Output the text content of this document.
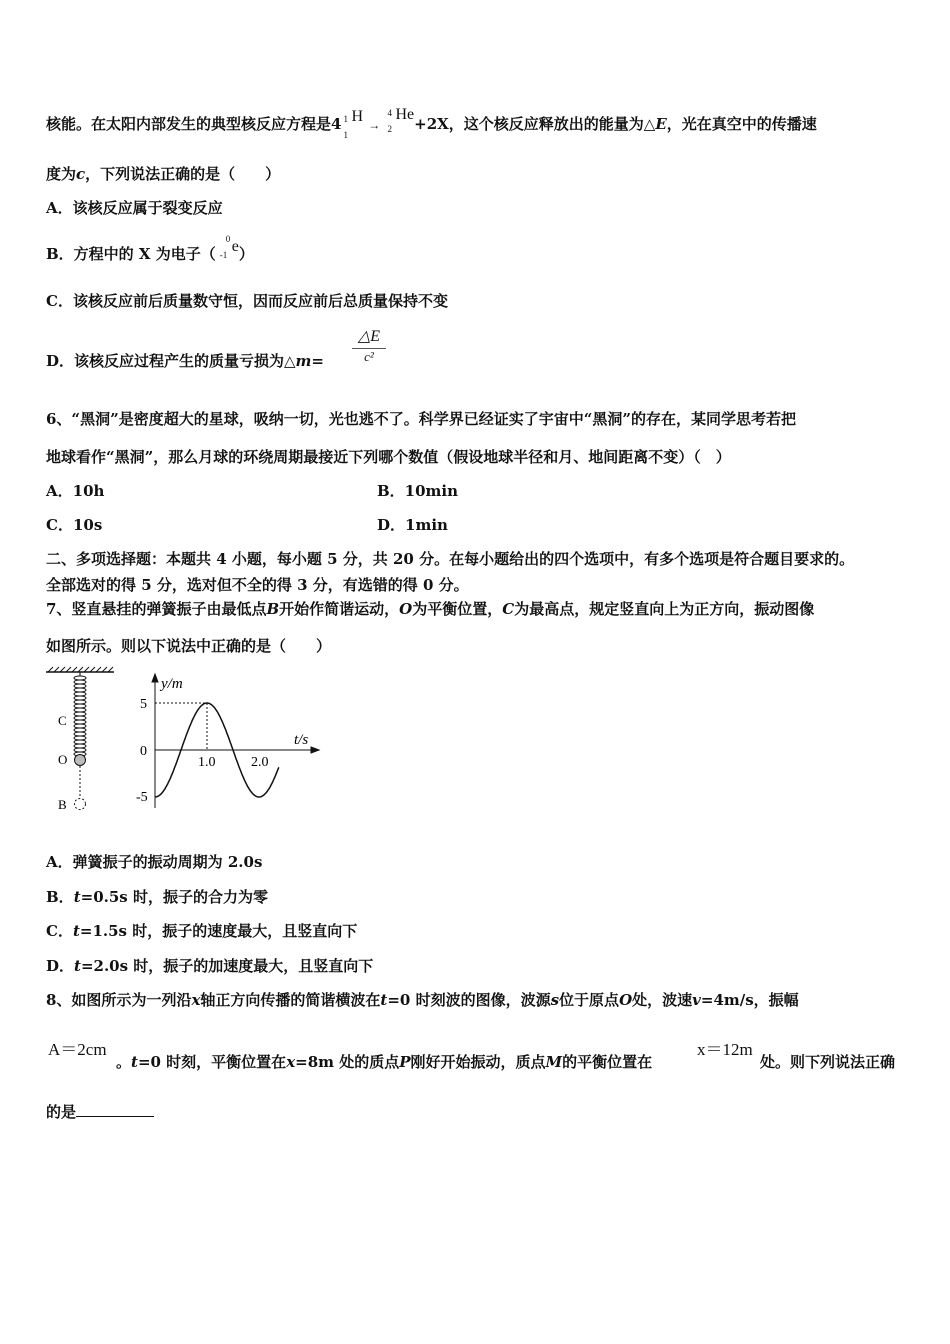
核能。在太阳内部发生的典型核反应方程是4 1
1
H →
4
2
He+2X，这个核反应释放出的能量为△E，光在真空中的传播速
度为c，下列说法正确的是（　　）
A．该核反应属于裂变反应
B．方程中的 X 为电子（
0
-1 e）
C．该核反应前后质量数守恒，因而反应前后总质量保持不变
D．该核反应过程产生的质量亏损为△m=
△E
c²
6、“黑洞”是密度超大的星球，吸纳一切，光也逃不了。科学界已经证实了宇宙中“黑洞”的存在，某同学思考若把
地球看作“黑洞”，那么月球的环绕周期最接近下列哪个数值（假设地球半径和月、地间距离不变）（　）
A．10h	B．10min
C．10s	D．1min
二、多项选择题：本题共 4 小题，每小题 5 分，共 20 分。在每小题给出的四个选项中，有多个选项是符合题目要求的。
全部选对的得 5 分，选对但不全的得 3 分，有选错的得 0 分。
7、竖直悬挂的弹簧振子由最低点B开始作简谐运动，O为平衡位置，C为最高点，规定竖直向上为正方向，振动图像
如图所示。则以下说法中正确的是（　　）
C
O
B
y/m
t/s
0
5
-5
1.0	2.0
A．弹簧振子的振动周期为 2.0s
B．t=0.5s 时，振子的合力为零
C．t=1.5s 时，振子的速度最大，且竖直向下
D．t=2.0s 时，振子的加速度最大，且竖直向下
8、如图所示为一列沿x轴正方向传播的简谐横波在t=0 时刻波的图像，波源s位于原点O处，波速v=4m/s，振幅
A＝2cm
。t=0 时刻，平衡位置在x=8m 处的质点P刚好开始振动，质点M的平衡位置在
x＝12m
处。则下列说法正确
的是
